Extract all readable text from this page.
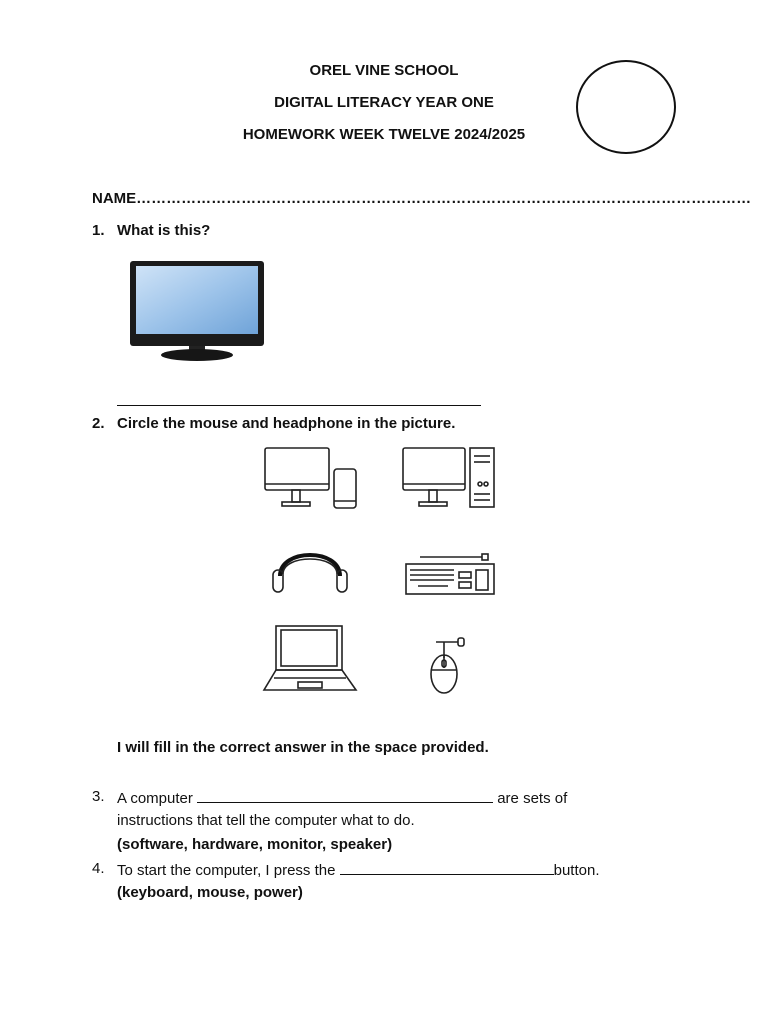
OREL VINE SCHOOL
DIGITAL LITERACY YEAR ONE
HOMEWORK WEEK TWELVE 2024/2025
NAME……………………………………………………………………………………………………………
1. What is this?
2. Circle the mouse and headphone in the picture.
I will fill in the correct answer in the space provided.
3. A computer	are sets of
instructions that tell the computer what to do.
(software, hardware, monitor, speaker)
4. To start the computer, I press the	button.
(keyboard, mouse, power)
